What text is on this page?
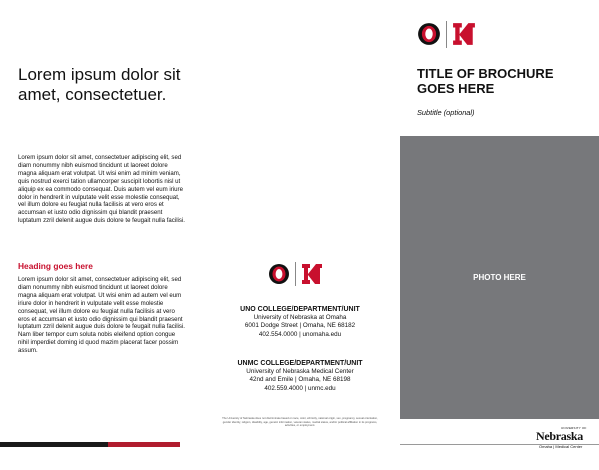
Lorem ipsum dolor sit amet, consectetuer.
Lorem ipsum dolor sit amet, consectetuer adipiscing elit, sed diam nonummy nibh euismod tincidunt ut laoreet dolore magna aliquam erat volutpat. Ut wisi enim ad minim veniam, quis nostrud exerci tation ullamcorper suscipit lobortis nisl ut aliquip ex ea commodo consequat. Duis autem vel eum iriure dolor in hendrerit in vulputate velit esse molestie consequat, vel illum dolore eu feugiat nulla facilisis at vero eros et accumsan et iusto odio dignissim qui blandit praesent luptatum zzril delenit augue duis dolore te feugait nulla facilisi.
Heading goes here
Lorem ipsum dolor sit amet, consectetuer adipiscing elit, sed diam nonummy nibh euismod tincidunt ut laoreet dolore magna aliquam erat volutpat. Ut wisi enim ad autem vel eum iriure dolor in hendrerit in vulputate velit esse molestie consequat, vel illum dolore eu feugiat nulla facilisis at vero eros et accumsan et iusto odio dignissim qui blandit praesent luptatum zzril delenit augue duis dolore te feugait nulla facilisi. Nam liber tempor cum soluta nobis eleifend option congue nihil imperdiet doming id quod mazim placerat facer possim assum.
UNO COLLEGE/DEPARTMENT/UNIT
University of Nebraska at Omaha
6001 Dodge Street | Omaha, NE 68182
402.554.0000 | unomaha.edu
UNMC COLLEGE/DEPARTMENT/UNIT
University of Nebraska Medical Center
42nd and Emile | Omaha, NE 68198
402.559.4000 | unmc.edu
The University of Nebraska does not discriminate based on race, color, ethnicity, national origin, sex, pregnancy, sexual orientation, gender identity, religion, disability, age, genetic information, veteran status, marital status, and/or political affiliation in its programs, activities, or employment.
TITLE OF BROCHURE GOES HERE
Subtitle (optional)
PHOTO HERE
UNIVERSITY OF
Nebraska
Omaha | Medical Center
